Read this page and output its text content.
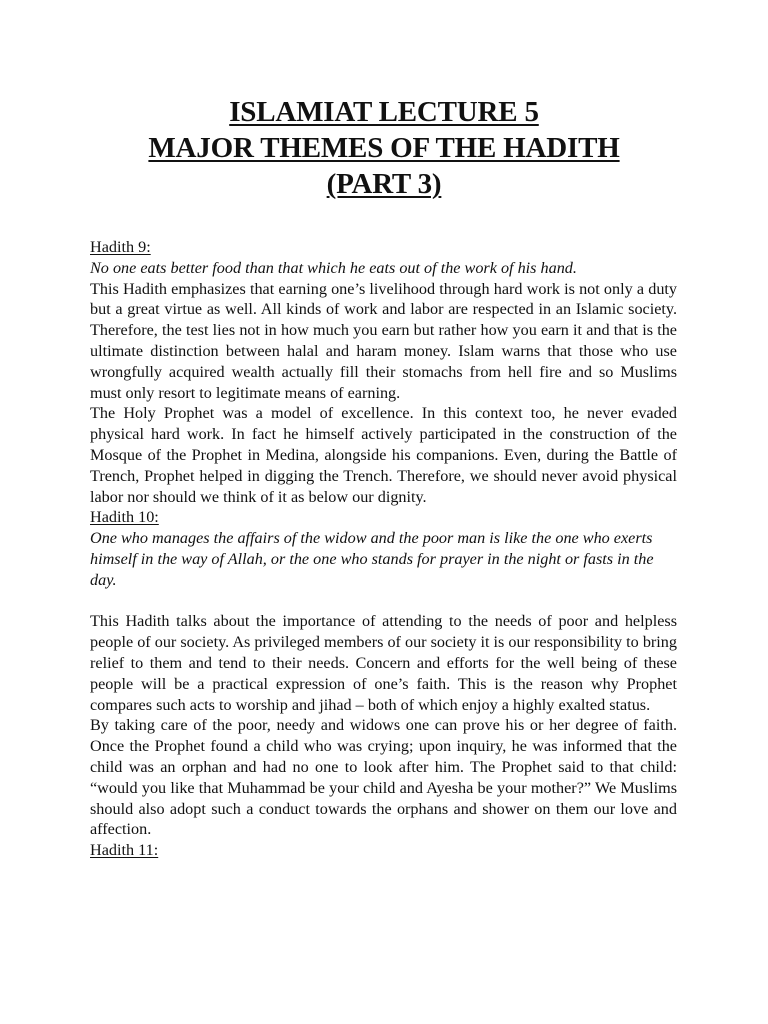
ISLAMIAT LECTURE 5
MAJOR THEMES OF THE HADITH
(PART 3)
Hadith 9:

No one eats better food than that which he eats out of the work of his hand.

This Hadith emphasizes that earning one’s livelihood through hard work is not only a duty but a great virtue as well. All kinds of work and labor are respected in an Islamic society. Therefore, the test lies not in how much you earn but rather how you earn it and that is the ultimate distinction between halal and haram money. Islam warns that those who use wrongfully acquired wealth actually fill their stomachs from hell fire and so Muslims must only resort to legitimate means of earning.

The Holy Prophet was a model of excellence. In this context too, he never evaded physical hard work. In fact he himself actively participated in the construction of the Mosque of the Prophet in Medina, alongside his companions. Even, during the Battle of Trench, Prophet helped in digging the Trench. Therefore, we should never avoid physical labor nor should we think of it as below our dignity.

Hadith 10:

One who manages the affairs of the widow and the poor man is like the one who exerts himself in the way of Allah, or the one who stands for prayer in the night or fasts in the day.

This Hadith talks about the importance of attending to the needs of poor and helpless people of our society. As privileged members of our society it is our responsibility to bring relief to them and tend to their needs. Concern and efforts for the well being of these people will be a practical expression of one’s faith. This is the reason why Prophet compares such acts to worship and jihad – both of which enjoy a highly exalted status.

By taking care of the poor, needy and widows one can prove his or her degree of faith. Once the Prophet found a child who was crying; upon inquiry, he was informed that the child was an orphan and had no one to look after him. The Prophet said to that child: “would you like that Muhammad be your child and Ayesha be your mother?” We Muslims should also adopt such a conduct towards the orphans and shower on them our love and affection.

Hadith 11:
